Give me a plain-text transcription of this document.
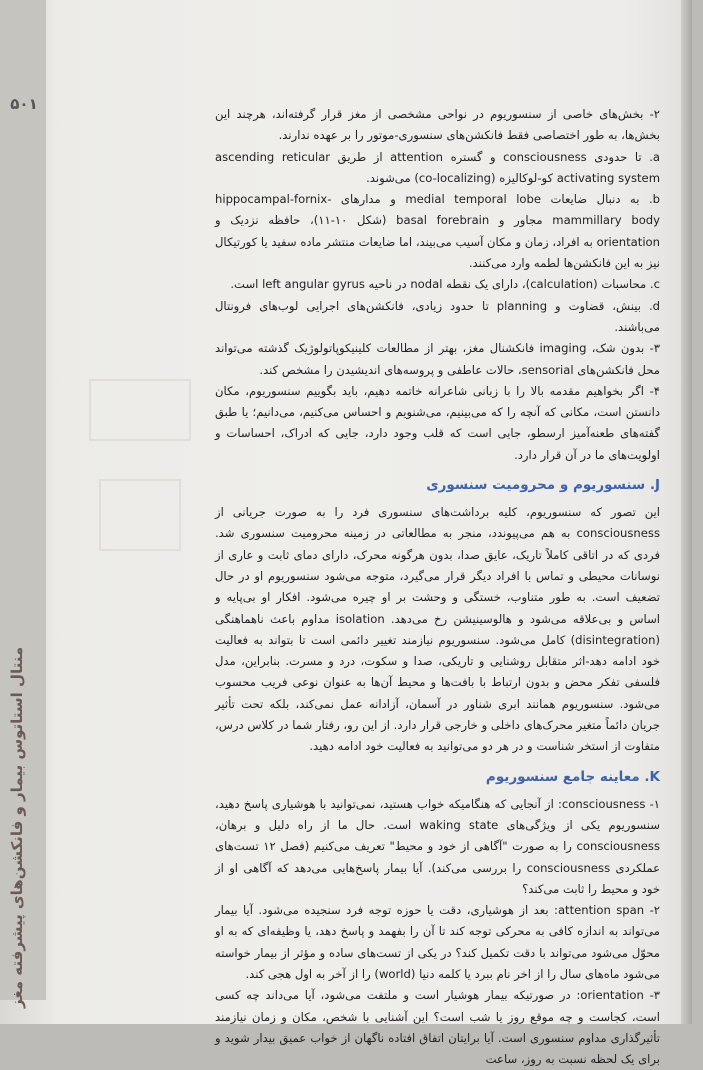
۵۰۱
منتال استاتوس بیمار و فانکشن‌های پیشرفته مغز

۲- بخش‌های خاصی از سنسوریوم در نواحی مشخصی از مغز قرار گرفته‌اند، هرچند این بخش‌ها، به طور اختصاصی فقط فانکشن‌های سنسوری-موتور را بر عهده ندارند.

a. تا حدودی consciousness و گستره attention از طریق ascending reticular activating system کو-لوکالیزه (co-localizing) می‌شوند.

b. به دنبال ضایعات medial temporal lobe و مدارهای hippocampal-fornix-mammillary body مجاور و basal forebrain (شکل ۱۰-۱۱)، حافظه نزدیک و orientation به افراد، زمان و مکان آسیب می‌بیند، اما ضایعات منتشر ماده سفید یا کورتیکال نیز به این فانکشن‌ها لطمه وارد می‌کنند.

c. محاسبات (calculation)، دارای یک نقطه nodal در ناحیه left angular gyrus است.

d. بینش، قضاوت و planning تا حدود زیادی، فانکشن‌های اجرایی لوب‌های فرونتال می‌باشند.

۳- بدون شک، imaging فانکشنال مغز، بهتر از مطالعات کلینیکوپاتولوژیک گذشته می‌تواند محل فانکشن‌های sensorial، حالات عاطفی و پروسه‌های اندیشیدن را مشخص کند.

۴- اگر بخواهیم مقدمه بالا را با زبانی شاعرانه خاتمه دهیم، باید بگوییم سنسوریوم، مکان دانستن است، مکانی که آنچه را که می‌بینیم، می‌شنویم و احساس می‌کنیم، می‌دانیم؛ یا طبق گفته‌های طعنه‌آمیز ارسطو، جایی است که قلب وجود دارد، جایی که ادراک، احساسات و اولویت‌های ما در آن قرار دارد.

J. سنسوریوم و محرومیت سنسوری

این تصور که سنسوریوم، کلیه برداشت‌های سنسوری فرد را به صورت جریانی از consciousness به هم می‌پیوندد، منجر به مطالعاتی در زمینه محرومیت سنسوری شد. فردی که در اتاقی کاملاً تاریک، عایق صدا، بدون هرگونه محرک، دارای دمای ثابت و عاری از نوسانات محیطی و تماس با افراد دیگر قرار می‌گیرد، متوجه می‌شود سنسوریوم او در حال تضعیف است. به طور متناوب، خستگی و وحشت بر او چیره می‌شود. افکار او بی‌پایه و اساس و بی‌علاقه می‌شود و هالوسینیشن رخ می‌دهد. isolation مداوم باعث ناهماهنگی (disintegration) کامل می‌شود. سنسوریوم نیازمند تغییر دائمی است تا بتواند به فعالیت خود ادامه دهد-اثر متقابل روشنایی و تاریکی، صدا و سکوت، درد و مسرت. بنابراین، مدل فلسفی تفکر محض و بدون ارتباط با بافت‌ها و محیط آن‌ها به عنوان نوعی فریب محسوب می‌شود. سنسوریوم همانند ابری شناور در آسمان، آزادانه عمل نمی‌کند، بلکه تحت تأثیر جریان دائماً متغیر محرک‌های داخلی و خارجی قرار دارد. از این رو، رفتار شما در کلاس درس، متفاوت از استخر شناست و در هر دو می‌توانید به فعالیت خود ادامه دهید.

K. معاینه جامع سنسوریوم

۱- consciousness: از آنجایی که هنگامیکه خواب هستید، نمی‌توانید با هوشیاری پاسخ دهید، سنسوریوم یکی از ویژگی‌های waking state است. حال ما از راه دلیل و برهان، consciousness را به صورت "آگاهی از خود و محیط" تعریف می‌کنیم (فصل ۱۲ تست‌های عملکردی consciousness را بررسی می‌کند). آیا بیمار پاسخ‌هایی می‌دهد که آگاهی او از خود و محیط را ثابت می‌کند؟

۲- attention span: بعد از هوشیاری، دقت یا حوزه توجه فرد سنجیده می‌شود. آیا بیمار می‌تواند به اندازه کافی به محرکی توجه کند تا آن را بفهمد و پاسخ دهد، یا وظیفه‌ای که به او محوّل می‌شود می‌تواند با دقت تکمیل کند؟ در یکی از تست‌های ساده و مؤثر از بیمار خواسته می‌شود ماه‌های سال را از اخر نام ببرد یا کلمه دنیا (world) را از آخر به اول هجی کند.

۳- orientation: در صورتیکه بیمار هوشیار است و ملتفت می‌شود، آیا می‌داند چه کسی است، کجاست و چه موقع روز یا شب است؟ این آشنایی با شخص، مکان و زمان نیازمند تأثیرگذاری مداوم سنسوری است. آیا برایتان اتفاق افتاده ناگهان از خواب عمیق بیدار شوید و برای یک لحظه نسبت به روز، ساعت
